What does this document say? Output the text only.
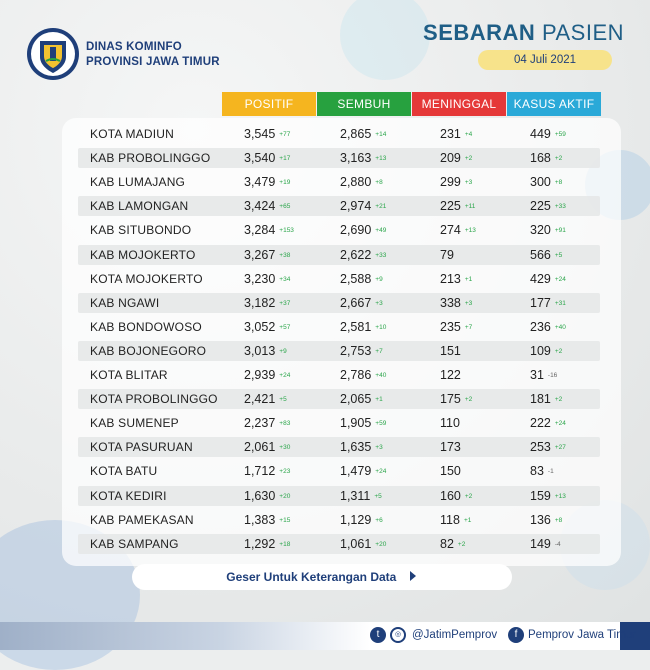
DINAS KOMINFO
PROVINSI JAWA TIMUR
SEBARAN PASIEN
04 Juli 2021
POSITIF	SEMBUH	MENINGGAL	KASUS AKTIF
KOTA MADIUN	3,545 +77	2,865 +14	231 +4	449 +59
KAB PROBOLINGGO	3,540 +17	3,163 +13	209 +2	168 +2
KAB LUMAJANG	3,479 +19	2,880 +8	299 +3	300 +8
KAB LAMONGAN	3,424 +65	2,974 +21	225 +11	225 +33
KAB SITUBONDO	3,284 +153	2,690 +49	274 +13	320 +91
KAB MOJOKERTO	3,267 +38	2,622 +33	79	566 +5
KOTA MOJOKERTO	3,230 +34	2,588 +9	213 +1	429 +24
KAB NGAWI	3,182 +37	2,667 +3	338 +3	177 +31
KAB BONDOWOSO	3,052 +57	2,581 +10	235 +7	236 +40
KAB BOJONEGORO	3,013 +9	2,753 +7	151	109 +2
KOTA BLITAR	2,939 +24	2,786 +40	122	31 -16
KOTA PROBOLINGGO 2,421 +5	2,065 +1	175 +2	181 +2
KAB SUMENEP	2,237 +83	1,905 +59	110	222 +24
KOTA PASURUAN	2,061 +30	1,635 +3	173	253 +27
KOTA BATU	1,712 +23	1,479 +24	150	83 -1
KOTA KEDIRI	1,630 +20	1,311 +5	160 +2	159 +13
KAB PAMEKASAN	1,383 +15	1,129 +6	118 +1	136 +8
KAB SAMPANG	1,292 +18	1,061 +20	82 +2	149 -4
Geser Untuk Keterangan Data
t	◎ @JatimPemprov	f Pemprov Jawa Timur
